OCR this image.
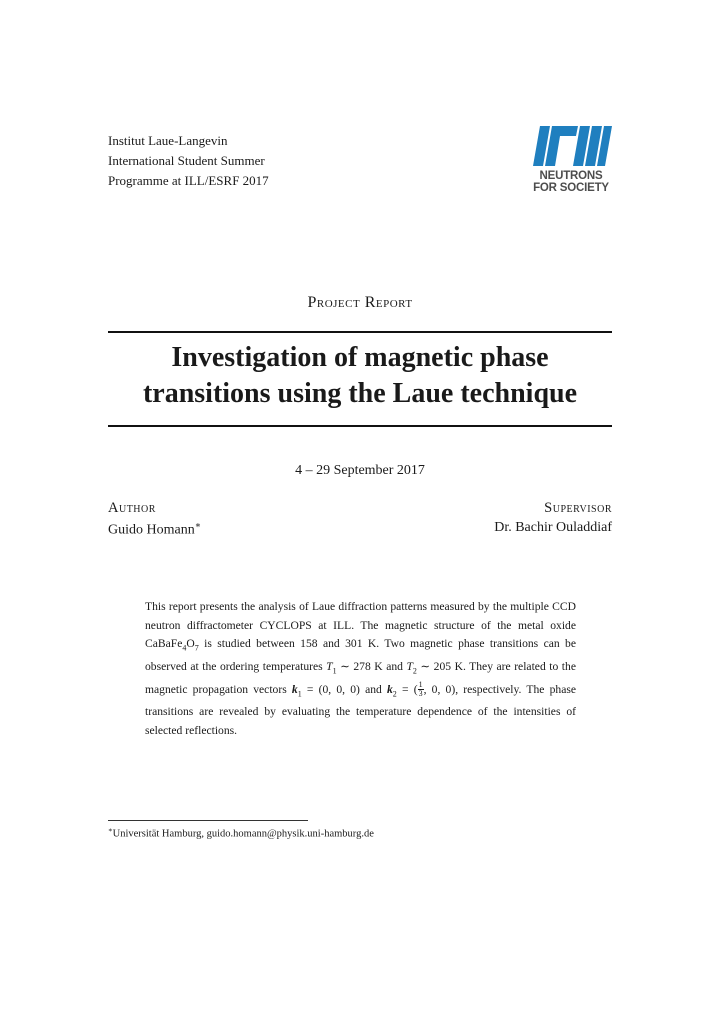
Institut Laue-Langevin
International Student Summer
Programme at ILL/ESRF 2017	NEUTRONS
FOR SOCIETY
Project Report
Investigation of magnetic phase
transitions using the Laue technique
4 – 29 September 2017
Author	Supervisor
Guido Homann∗	Dr. Bachir Ouladdiaf
This report presents the analysis of Laue diffraction patterns measured by the multiple CCD neutron diffractometer CYCLOPS at ILL. The magnetic structure of the metal oxide $CaBaFe_4O_7$ is studied between 158 and 301 K. Two magnetic phase transitions can be observed at the ordering temperatures $T_1$ ∼ 278 K and $T_2$ ∼ 205 K. They are related to the magnetic propagation vectors $k_1 = (0$, 0, 0) and $k_2$ = ( $\frac{1}{3}$, 0, 0), respectively. The phase transitions are revealed by evaluating the temperature dependence of the intensities of selected reflections.
∗Universität Hamburg, guido.homann@physik.uni-hamburg.de
